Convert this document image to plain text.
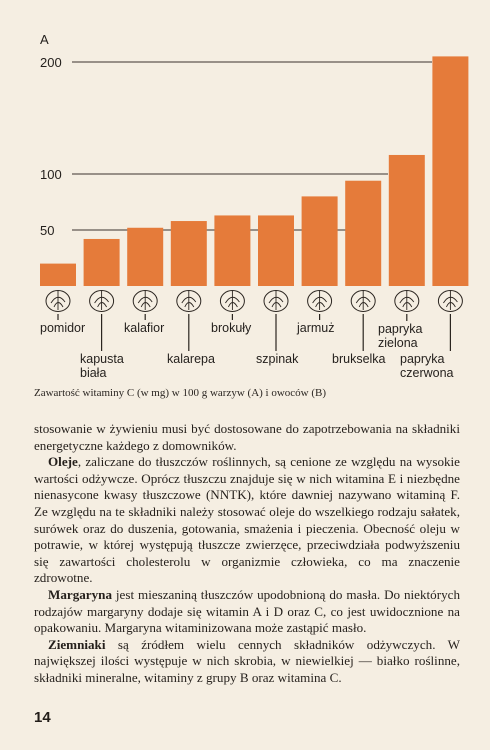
A
50
100
200
pomidor
kapusta
biała
kalafior
kalarepa
brokuły
szpinak
jarmuż
brukselka
papryka
zielona
papryka
czerwona
Zawartość witaminy C (w mg) w 100 g warzyw (A) i owoców (B)

stosowanie w żywieniu musi być dostosowane do zapotrzebowania na składniki energetyczne każdego z domowników.

Oleje, zaliczane do tłuszczów roślinnych, są cenione ze względu na wysokie wartości odżywcze. Oprócz tłuszczu znajduje się w nich witamina E i niezbędne nienasycone kwasy tłuszczowe (NNTK), które dawniej nazywano witaminą F. Ze względu na te składniki należy stosować oleje do wszelkiego rodzaju sałatek, surówek oraz do duszenia, gotowania, smażenia i pieczenia. Obecność oleju w potrawie, w której występują tłuszcze zwierzęce, przeciwdziała podwyższeniu się zawartości cholesterolu w organizmie człowieka, co ma znaczenie zdrowotne.

Margaryna jest mieszaniną tłuszczów upodobnioną do masła. Do niektórych rodzajów margaryny dodaje się witamin A i D oraz C, co jest uwidocznione na opakowaniu. Margaryna witaminizowana może zastąpić masło.

Ziemniaki są źródłem wielu cennych składników odżywczych. W największej ilości występuje w nich skrobia, w niewielkiej — białko roślinne, składniki mineralne, witaminy z grupy B oraz witamina C.

14
